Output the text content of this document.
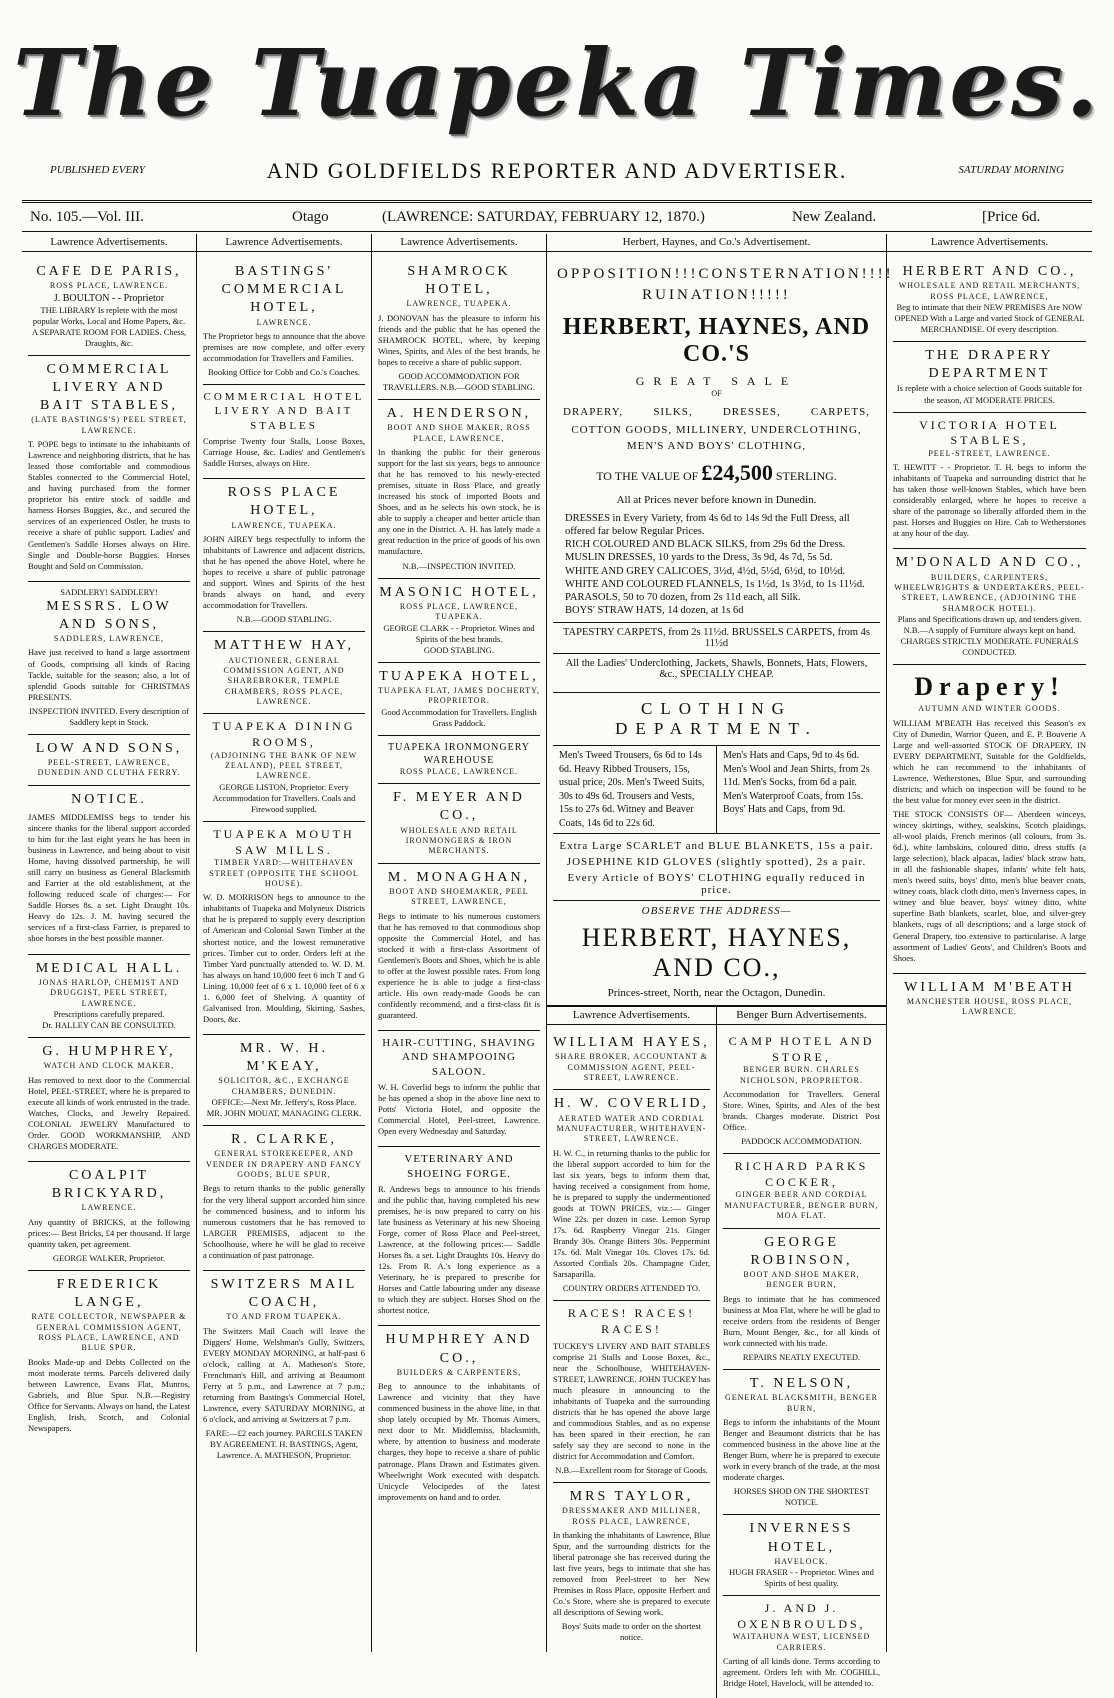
The Tuapeka Times.
PUBLISHED EVERY	AND GOLDFIELDS REPORTER AND ADVERTISER.	SATURDAY MORNING
No. 105.—Vol. III.	Otago	(LAWRENCE: SATURDAY, FEBRUARY 12, 1870.)	New Zealand.	[Price 6d.
Lawrence Advertisements.
CAFE DE PARIS,
ROSS PLACE, LAWRENCE.
J. BOULTON - - Proprietor
THE LIBRARY Is replete with the most popular Works, Local and Home Papers, &c.
A SEPARATE ROOM FOR LADIES. Chess, Draughts, &c.
COMMERCIAL LIVERY AND BAIT STABLES,
(LATE BASTINGS'S) PEEL STREET, LAWRENCE.

T. POPE begs to intimate to the inhabitants of Lawrence and neighboring districts, that he has leased those comfortable and commodious Stables connected to the Commercial Hotel, and having purchased from the former proprietor his entire stock of saddle and harness Horses Buggies, &c., and secured the services of an experienced Ostler, he trusts to receive a share of public support. Ladies' and Gentlemen's Saddle Horses always on Hire. Single and Double-horse Buggies. Horses Bought and Sold on Commission.

SADDLERY! SADDLERY!
MESSRS. LOW AND SONS,
SADDLERS, LAWRENCE,

Have just received to hand a large assortment of Goods, comprising all kinds of Racing Tackle, suitable for the season; also, a lot of splendid Goods suitable for CHRISTMAS PRESENTS.

INSPECTION INVITED. Every description of Saddlery kept in Stock.
LOW AND SONS,
PEEL-STREET, LAWRENCE, DUNEDIN AND CLUTHA FERRY.
NOTICE.

JAMES MIDDLEMISS begs to tender his sincere thanks for the liberal support accorded to him for the last eight years he has been in business in Lawrence, and being about to visit Home, having dissolved partnership, he will still carry on business as General Blacksmith and Farrier at the old establishment, at the following reduced scale of charges:— For Saddle Horses 8s. a set. Light Draught 10s. Heavy do 12s. J. M. having secured the services of a first-class Farrier, is prepared to shoe horses in the best possible manner.

MEDICAL HALL.
JONAS HARLOP, CHEMIST AND DRUGGIST, PEEL STREET, LAWRENCE.
Prescriptions carefully prepared.
Dr. HALLEY CAN BE CONSULTED.
G. HUMPHREY,
WATCH AND CLOCK MAKER,

Has removed to next door to the Commercial Hotel, PEEL-STREET, where he is prepared to execute all kinds of work entrusted in the trade. Watches, Clocks, and Jewelry Repaired. COLONIAL JEWELRY Manufactured to Order. GOOD WORKMANSHIP, AND CHARGES MODERATE.

COALPIT BRICKYARD,
LAWRENCE.

Any quantity of BRICKS, at the following prices:— Best Bricks, £4 per thousand. If large quantity taken, per agreement.

GEORGE WALKER, Proprietor.
FREDERICK LANGE,
RATE COLLECTOR, NEWSPAPER & GENERAL COMMISSION AGENT, ROSS PLACE, LAWRENCE, AND BLUE SPUR.

Books Made-up and Debts Collected on the most moderate terms. Parcels delivered daily between Lawrence, Evans Flat, Munros, Gabriels, and Blue Spur. N.B.—Registry Office for Servants. Always on hand, the Latest English, Irish, Scotch, and Colonial Newspapers.

Lawrence Advertisements.
BASTINGS' COMMERCIAL HOTEL,
LAWRENCE.

The Proprietor begs to announce that the above premises are now complete, and offer every accommodation for Travellers and Families.

Booking Office for Cobb and Co.'s Coaches.
COMMERCIAL HOTEL LIVERY AND BAIT STABLES

Comprise Twenty four Stalls, Loose Boxes, Carriage House, &c. Ladies' and Gentlemen's Saddle Horses, always on Hire.

ROSS PLACE HOTEL,
LAWRENCE, TUAPEKA.

JOHN AIREY begs respectfully to inform the inhabitants of Lawrence and adjacent districts, that he has opened the above Hotel, where he hopes to receive a share of public patronage and support. Wines and Spirits of the best brands always on hand, and every accommodation for Travellers.

N.B.—GOOD STABLING.
MATTHEW HAY,
AUCTIONEER, GENERAL COMMISSION AGENT, AND SHAREBROKER, TEMPLE CHAMBERS, ROSS PLACE, LAWRENCE.
TUAPEKA DINING ROOMS,
(ADJOINING THE BANK OF NEW ZEALAND), PEEL STREET, LAWRENCE.
GEORGE LISTON, Proprietor. Every Accommodation for Travellers. Coals and Firewood supplied.
TUAPEKA MOUTH SAW MILLS.
TIMBER YARD:—WHITEHAVEN STREET (OPPOSITE THE SCHOOL HOUSE).

W. D. MORRISON begs to announce to the inhabitants of Tuapeka and Molyneux Districts that he is prepared to supply every description of American and Colonial Sawn Timber at the shortest notice, and the lowest remunerative prices. Timber cut to order. Orders left at the Timber Yard punctually attended to. W. D. M. has always on hand 10,000 feet 6 inch T and G Lining. 10,000 feet of 6 x 1. 10,000 feet of 6 x 1. 6,000 feet of Shelving. A quantity of Galvanised Iron. Moulding, Skirting, Sashes, Doors, &c.

MR. W. H. M'KEAY,
SOLICITOR, &C., EXCHANGE CHAMBERS, DUNEDIN.
OFFICE:—Next Mr. Jeffery's, Ross Place. MR. JOHN MOUAT, MANAGING CLERK.
R. CLARKE,
GENERAL STOREKEEPER, AND VENDER IN DRAPERY AND FANCY GOODS, BLUE SPUR,

Begs to return thanks to the public generally for the very liberal support accorded him since he commenced business, and to inform his numerous customers that he has removed to LARGER PREMISES, adjacent to the Schoolhouse, where he will be glad to receive a continuation of past patronage.

SWITZERS MAIL COACH,
TO AND FROM TUAPEKA.

The Switzers Mail Coach will leave the Diggers' Home, Welshman's Gully, Switzers, EVERY MONDAY MORNING, at half-past 6 o'clock, calling at A. Matheson's Store, Frenchman's Hill, and arriving at Beaumont Ferry at 5 p.m., and Lawrence at 7 p.m.; returning from Bastings's Commercial Hotel, Lawrence, every SATURDAY MORNING, at 6 o'clock, and arriving at Switzers at 7 p.m.

FARE:—£2 each journey. PARCELS TAKEN BY AGREEMENT. H. BASTINGS, Agent, Lawrence. A. MATHESON, Proprietor.
Lawrence Advertisements.
SHAMROCK HOTEL,
LAWRENCE, TUAPEKA.

J. DONOVAN has the pleasure to inform his friends and the public that he has opened the SHAMROCK HOTEL, where, by keeping Wines, Spirits, and Ales of the best brands, he hopes to receive a share of public support.

GOOD ACCOMMODATION FOR TRAVELLERS. N.B.—GOOD STABLING.
A. HENDERSON,
BOOT AND SHOE MAKER, ROSS PLACE, LAWRENCE,

In thanking the public for their generous support for the last six years, begs to announce that he has removed to his newly-erected premises, situate in Ross Place, and greatly increased his stock of imported Boots and Shoes, and as he selects his own stock, he is able to supply a cheaper and better article than any one in the District. A. H. has lately made a great reduction in the price of goods of his own manufacture.

N.B.—INSPECTION INVITED.
MASONIC HOTEL,
ROSS PLACE, LAWRENCE, TUAPEKA.
GEORGE CLARK - - Proprietor. Wines and Spirits of the best brands.
GOOD STABLING.
TUAPEKA HOTEL,
TUAPEKA FLAT, JAMES DOCHERTY, PROPRIETOR.
Good Accommodation for Travellers. English Grass Paddock.
TUAPEKA IRONMONGERY WAREHOUSE
ROSS PLACE, LAWRENCE.
F. MEYER AND CO.,
WHOLESALE AND RETAIL IRONMONGERS & IRON MERCHANTS.
M. MONAGHAN,
BOOT AND SHOEMAKER, PEEL STREET, LAWRENCE,

Begs to intimate to his numerous customers that he has removed to that commodious shop opposite the Commercial Hotel, and has stocked it with a first-class Assortment of Gentlemen's Boots and Shoes, which he is able to offer at the lowest possible rates. From long experience he is able to judge a first-class article. His own ready-made Goods he can confidently recommend, and a first-class fit is guaranteed.

HAIR-CUTTING, SHAVING AND SHAMPOOING SALOON.

W. H. Coverlid begs to inform the public that he has opened a shop in the above line next to Potts' Victoria Hotel, and opposite the Commercial Hotel, Peel-street, Lawrence. Open every Wednesday and Saturday.

VETERINARY AND SHOEING FORGE.

R. Andrews begs to announce to his friends and the public that, having completed his new premises, he is now prepared to carry on his late business as Veterinary at his new Shoeing Forge, corner of Ross Place and Peel-street, Lawrence, at the following prices:— Saddle Horses 8s. a set. Light Draughts 10s. Heavy do 12s. From R. A.'s long experience as a Veterinary, he is prepared to prescribe for Horses and Cattle labouring under any disease to which they are subject. Horses Shod on the shortest notice.

HUMPHREY AND CO.,
BUILDERS & CARPENTERS,

Beg to announce to the inhabitants of Lawrence and vicinity that they have commenced business in the above line, in that shop lately occupied by Mr. Thomas Aimers, next door to Mr. Middlemiss, blacksmith, where, by attention to business and moderate charges, they hope to receive a share of public patronage. Plans Drawn and Estimates given. Wheelwright Work executed with despatch. Unicycle Velocipedes of the latest improvements on hand and to order.

Herbert, Haynes, and Co.'s Advertisement.
OPPOSITION!!! CONSTERNATION!!!!
RUINATION!!!!!
HERBERT, HAYNES, AND CO.'S
GREAT SALE
OF
DRAPERY,	SILKS,	DRESSES,	CARPETS,
COTTON GOODS, MILLINERY, UNDERCLOTHING,
MEN'S AND BOYS' CLOTHING,
TO THE VALUE OF £24,500 STERLING.
All at Prices never before known in Dunedin.
DRESSES in Every Variety, from 4s 6d to 14s 9d the Full Dress, all offered far below Regular Prices.
RICH COLOURED AND BLACK SILKS, from 29s 6d the Dress.
MUSLIN DRESSES, 10 yards to the Dress, 3s 9d, 4s 7d, 5s 5d.
WHITE AND GREY CALICOES, 3½d, 4½d, 5½d, 6½d, to 10½d.
WHITE AND COLOURED FLANNELS, 1s 1½d, 1s 3½d, to 1s 11½d.
PARASOLS, 50 to 70 dozen, from 2s 11d each, all Silk.
BOYS' STRAW HATS, 14 dozen, at 1s 6d
TAPESTRY CARPETS, from 2s 11½d. BRUSSELS CARPETS, from 4s 11½d
All the Ladies' Underclothing, Jackets, Shawls, Bonnets, Hats, Flowers, &c., SPECIALLY CHEAP.
CLOTHING DEPARTMENT.
Men's Tweed Trousers, 6s 6d to 14s 6d. Heavy Ribbed Trousers, 15s, usual price, 20s. Men's Tweed Suits, 30s to 49s 6d. Trousers and Vests, 15s to 27s 6d. Witney and Beaver Coats, 14s 6d to 22s 6d.
Men's Hats and Caps, 9d to 4s 6d. Men's Wool and Jean Shirts, from 2s 11d. Men's Socks, from 6d a pair. Men's Waterproof Coats, from 15s. Boys' Hats and Caps, from 9d.
Extra Large SCARLET and BLUE BLANKETS, 15s a pair.
JOSEPHINE KID GLOVES (slightly spotted), 2s a pair.
Every Article of BOYS' CLOTHING equally reduced in price.
OBSERVE THE ADDRESS—
HERBERT, HAYNES, AND CO.,
Princes-street, North, near the Octagon, Dunedin.
Lawrence Advertisements.
WILLIAM HAYES,
SHARE BROKER, ACCOUNTANT & COMMISSION AGENT, PEEL-STREET, LAWRENCE.
H. W. COVERLID,
AERATED WATER AND CORDIAL MANUFACTURER, WHITEHAVEN-STREET, LAWRENCE.

H. W. C., in returning thanks to the public for the liberal support accorded to him for the last six years, begs to inform them that, having received a consignment from home, he is prepared to supply the undermentioned goods at TOWN PRICES, viz.:— Ginger Wine 22s. per dozen in case. Lemon Syrup 17s. 6d. Raspberry Vinegar 21s. Ginger Brandy 30s. Orange Bitters 30s. Peppermint 17s. 6d. Malt Vinegar 10s. Cloves 17s. 6d. Assorted Cordials 20s. Champagne Cider, Sarsaparilla.

COUNTRY ORDERS ATTENDED TO.
RACES! RACES! RACES!

TUCKEY'S LIVERY AND BAIT STABLES comprise 21 Stalls and Loose Boxes, &c., near the Schoolhouse, WHITEHAVEN-STREET, LAWRENCE. JOHN TUCKEY has much pleasure in announcing to the inhabitants of Tuapeka and the surrounding districts that he has opened the above large and commodious Stables, and as no expense has been spared in their erection, he can safely say they are second to none in the district for Accommodation and Comfort.

N.B.—Excellent room for Storage of Goods.
MRS TAYLOR,
DRESSMAKER AND MILLINER, ROSS PLACE, LAWRENCE,

In thanking the inhabitants of Lawrence, Blue Spur, and the surrounding districts for the liberal patronage she has received during the last five years, begs to intimate that she has removed from Peel-street to her New Premises in Ross Place, opposite Herbert and Co.'s Store, where she is prepared to execute all descriptions of Sewing work.

Boys' Suits made to order on the shortest notice.
Benger Burn Advertisements.
CAMP HOTEL AND STORE,
BENGER BURN. CHARLES NICHOLSON, PROPRIETOR.

Accommodation for Travellers. General Store. Wines, Spirits, and Ales of the best brands. Charges moderate. District Post Office.

PADDOCK ACCOMMODATION.
RICHARD PARKS COCKER,
GINGER BEER AND CORDIAL MANUFACTURER, BENGER BURN, MOA FLAT.
GEORGE ROBINSON,
BOOT AND SHOE MAKER, BENGER BURN,

Begs to intimate that he has commenced business at Moa Flat, where he will be glad to receive orders from the residents of Benger Burn, Mount Benger, &c., for all kinds of work connected with his trade.

REPAIRS NEATLY EXECUTED.
T. NELSON,
GENERAL BLACKSMITH, BENGER BURN,

Begs to inform the inhabitants of the Mount Benger and Beaumont districts that he has commenced business in the above line at the Benger Burn, where he is prepared to execute work in every branch of the trade, at the most moderate charges.

HORSES SHOD ON THE SHORTEST NOTICE.
INVERNESS HOTEL,
HAVELOCK.
HUGH FRASER - - Proprietor. Wines and Spirits of best quality.
J. AND J. OXENBROULDS,
WAITAHUNA WEST, LICENSED CARRIERS.

Carting of all kinds done. Terms according to agreement. Orders left with Mr. COGHILL, Bridge Hotel, Havelock, will be attended to.

Lawrence Advertisements.
HERBERT AND CO.,
WHOLESALE AND RETAIL MERCHANTS, ROSS PLACE, LAWRENCE,
Beg to intimate that their NEW PREMISES Are NOW OPENED With a Large and varied Stock of GENERAL MERCHANDISE. Of every description.
THE DRAPERY DEPARTMENT
Is replete with a choice selection of Goods suitable for the season, AT MODERATE PRICES.
VICTORIA HOTEL STABLES,
PEEL-STREET, LAWRENCE.

T. HEWITT - - Proprietor. T. H. begs to inform the inhabitants of Tuapeka and surrounding district that he has taken those well-known Stables, which have been considerably enlarged, where he hopes to receive a share of the patronage so liberally afforded them in the past. Horses and Buggies on Hire. Cab to Wetherstones at any hour of the day.

M'DONALD AND CO.,
BUILDERS, CARPENTERS, WHEELWRIGHTS & UNDERTAKERS, PEEL-STREET, LAWRENCE, (ADJOINING THE SHAMROCK HOTEL).
Plans and Specifications drawn up, and tenders given. N.B.—A supply of Furniture always kept on hand.
CHARGES STRICTLY MODERATE. FUNERALS CONDUCTED.
Drapery!
AUTUMN AND WINTER GOODS.

WILLIAM M'BEATH Has received this Season's ex City of Dunedin, Warrior Queen, and E. P. Bouverie A Large and well-assorted STOCK OF DRAPERY, IN EVERY DEPARTMENT, Suitable for the Goldfields, which he can recommend to the inhabitants of Lawrence, Wetherstones, Blue Spur, and surrounding districts; and which on inspection will be found to be the best value for money ever seen in the district.

THE STOCK CONSISTS OF— Aberdeen winceys, wincey skirtings, withey, sealskins, Scotch plaidings, all-wool plaids, French merinos (all colours, from 3s. 6d.), white lambskins, coloured ditto, dress stuffs (a large selection), black alpacas, ladies' black straw hats, in all the fashionable shapes, infants' white felt hats, men's tweed suits, boys' ditto, men's blue beaver coats, witney coats, black cloth ditto, men's Inverness capes, in witney and blue beaver, boys' witney ditto, white superfine Bath blankets, scarlet, blue, and silver-grey blankets, rugs of all descriptions; and a large stock of General Drapery, too extensive to particularise. A large assortment of Ladies' Gents', and Children's Boots and Shoes.

WILLIAM M'BEATH
MANCHESTER HOUSE, ROSS PLACE, LAWRENCE.
